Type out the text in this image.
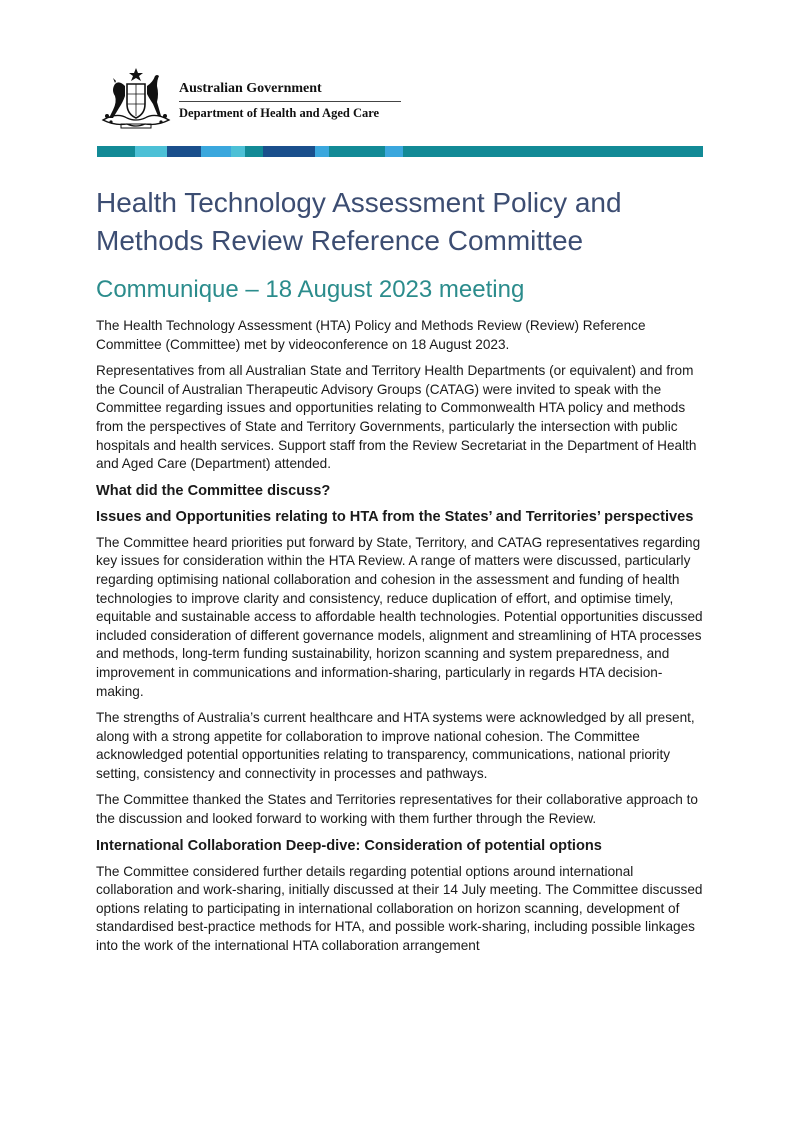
Australian Government
Department of Health and Aged Care
Health Technology Assessment Policy and Methods Review Reference Committee
Communique – 18 August 2023 meeting

The Health Technology Assessment (HTA) Policy and Methods Review (Review) Reference Committee (Committee) met by videoconference on 18 August 2023.

Representatives from all Australian State and Territory Health Departments (or equivalent) and from the Council of Australian Therapeutic Advisory Groups (CATAG) were invited to speak with the Committee regarding issues and opportunities relating to Commonwealth HTA policy and methods from the perspectives of State and Territory Governments, particularly the intersection with public hospitals and health services. Support staff from the Review Secretariat in the Department of Health and Aged Care (Department) attended.

What did the Committee discuss?
Issues and Opportunities relating to HTA from the States’ and Territories’ perspectives

The Committee heard priorities put forward by State, Territory, and CATAG representatives regarding key issues for consideration within the HTA Review. A range of matters were discussed, particularly regarding optimising national collaboration and cohesion in the assessment and funding of health technologies to improve clarity and consistency, reduce duplication of effort, and optimise timely, equitable and sustainable access to affordable health technologies. Potential opportunities discussed included consideration of different governance models, alignment and streamlining of HTA processes and methods, long-term funding sustainability, horizon scanning and system preparedness, and improvement in communications and information-sharing, particularly in regards HTA decision-making.

The strengths of Australia’s current healthcare and HTA systems were acknowledged by all present, along with a strong appetite for collaboration to improve national cohesion. The Committee acknowledged potential opportunities relating to transparency, communications, national priority setting, consistency and connectivity in processes and pathways.

The Committee thanked the States and Territories representatives for their collaborative approach to the discussion and looked forward to working with them further through the Review.

International Collaboration Deep-dive: Consideration of potential options

The Committee considered further details regarding potential options around international collaboration and work-sharing, initially discussed at their 14 July meeting. The Committee discussed options relating to participating in international collaboration on horizon scanning, development of standardised best-practice methods for HTA, and possible work-sharing, including possible linkages into the work of the international HTA collaboration arrangement
